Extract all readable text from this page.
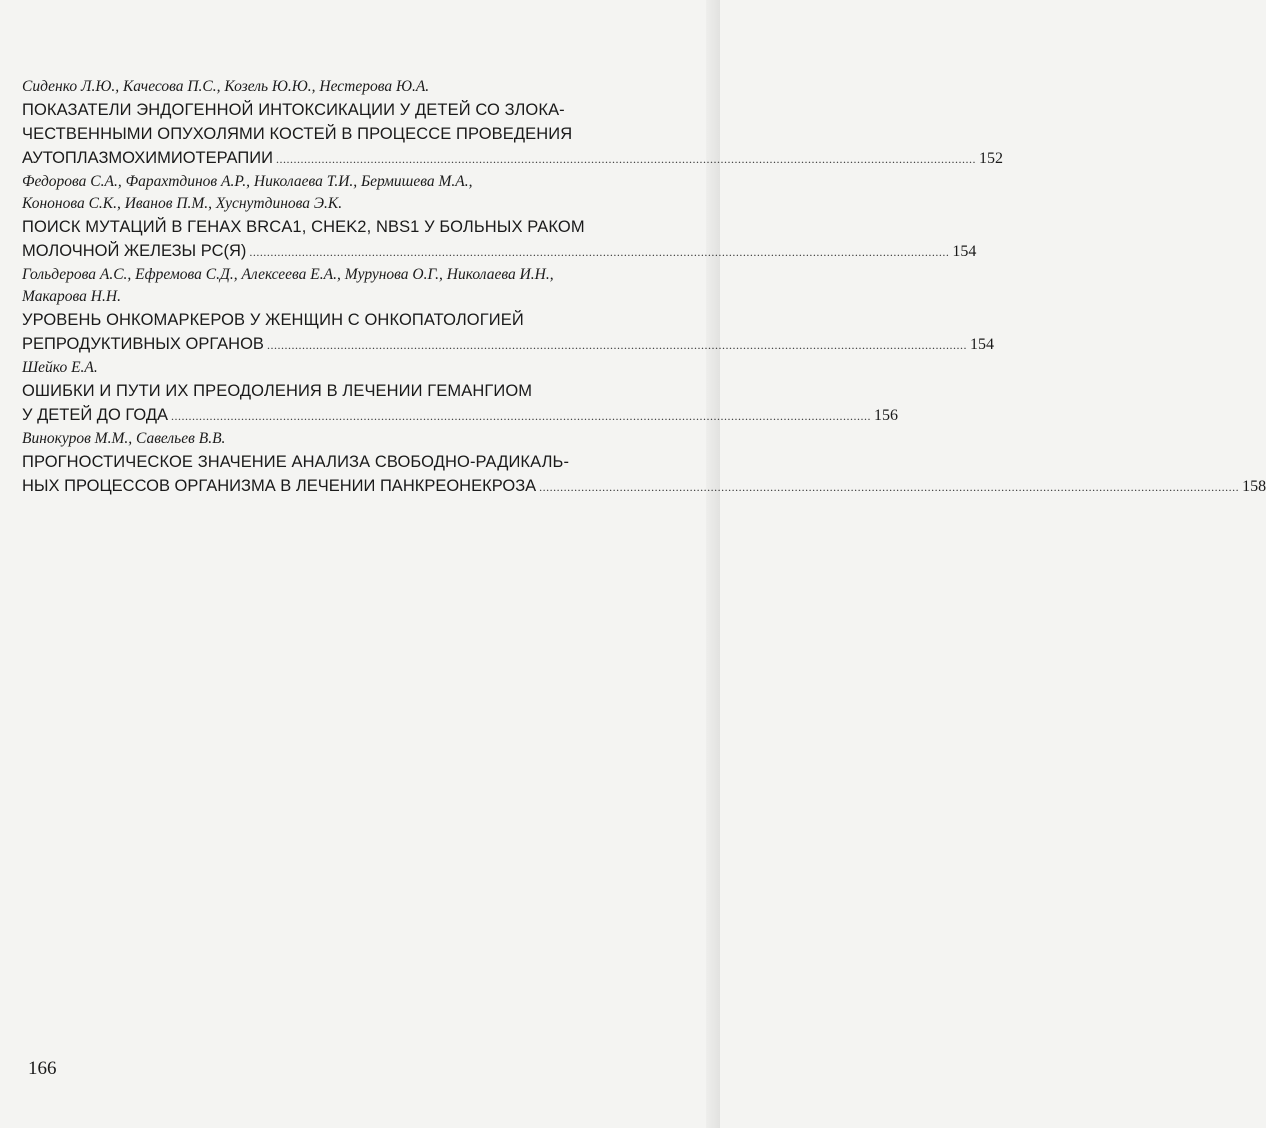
Сиденко Л.Ю., Качесова П.С., Козель Ю.Ю., Нестерова Ю.А.

ПОКАЗАТЕЛИ ЭНДОГЕННОЙ ИНТОКСИКАЦИИ У ДЕТЕЙ СО ЗЛОКА-

ЧЕСТВЕННЫМИ ОПУХОЛЯМИ КОСТЕЙ В ПРОЦЕССЕ ПРОВЕДЕНИЯ

АУТОПЛАЗМОХИМИОТЕРАПИИ ........................................................................................................................................................................................................ 152

Федорова С.А., Фарахтдинов А.Р., Николаева Т.И., Бермишева М.А.,

Кононова С.К., Иванов П.М., Хуснутдинова Э.К.

ПОИСК МУТАЦИЙ В ГЕНАХ BRCA1, CHEK2, NBS1 У БОЛЬНЫХ РАКОМ

МОЛОЧНОЙ ЖЕЛЕЗЫ РС(Я) ........................................................................................................................................................................................................ 154

Гольдерова А.С., Ефремова С.Д., Алексеева Е.А., Мурунова О.Г., Николаева И.Н.,

Макарова Н.Н.

УРОВЕНЬ ОНКОМАРКЕРОВ У ЖЕНЩИН С ОНКОПАТОЛОГИЕЙ

РЕПРОДУКТИВНЫХ ОРГАНОВ ........................................................................................................................................................................................................ 154

Шейко Е.А.

ОШИБКИ И ПУТИ ИХ ПРЕОДОЛЕНИЯ В ЛЕЧЕНИИ ГЕМАНГИОМ

У ДЕТЕЙ ДО ГОДА ........................................................................................................................................................................................................ 156

Винокуров М.М., Савельев В.В.

ПРОГНОСТИЧЕСКОЕ ЗНАЧЕНИЕ АНАЛИЗА СВОБОДНО-РАДИКАЛЬ-

НЫХ ПРОЦЕССОВ ОРГАНИЗМА В ЛЕЧЕНИИ ПАНКРЕОНЕКРОЗА ........................................................................................................................................................................................................ 158
166
